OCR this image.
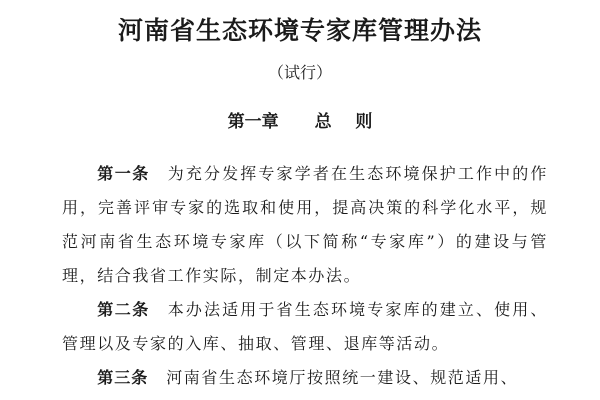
河南省生态环境专家库管理办法
（试行）
第一章 总    则

第一条 为充分发挥专家学者在生态环境保护工作中的作用，完善评审专家的选取和使用，提高决策的科学化水平，规范河南省生态环境专家库（以下简称“专家库”）的建设与管理，结合我省工作实际，制定本办法。

第二条 本办法适用于省生态环境专家库的建立、使用、管理以及专家的入库、抽取、管理、退库等活动。

第三条 河南省生态环境厅按照统一建设、规范适用、
